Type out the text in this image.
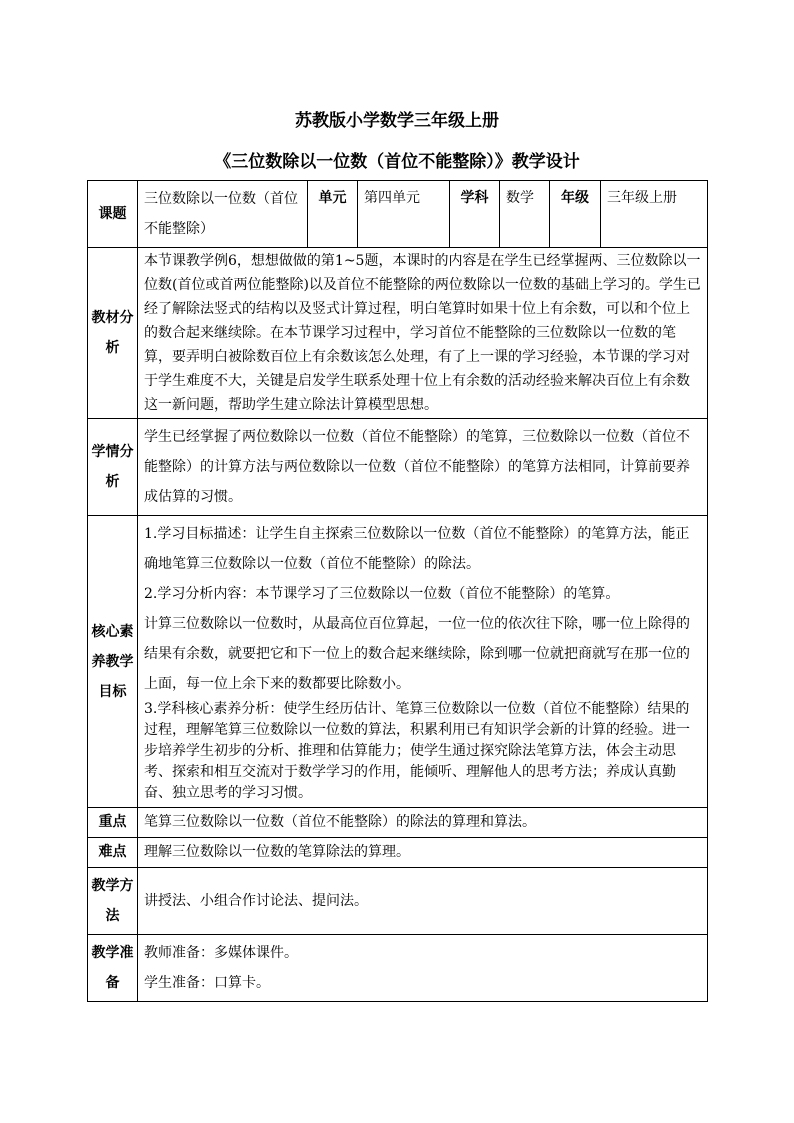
苏教版小学数学三年级上册
《三位数除以一位数（首位不能整除）》教学设计
课题	三位数除以一位数（首位不能整除）	单元	第四单元	学科	数学	年级	三年级上册
教材分析	本节课教学例6，想想做做的第1~5题，本课时的内容是在学生已经掌握两、三位数除以一位数(首位或首两位能整除)以及首位不能整除的两位数除以一位数的基础上学习的。学生已经了解除法竖式的结构以及竖式计算过程，明白笔算时如果十位上有余数，可以和个位上的数合起来继续除。在本节课学习过程中，学习首位不能整除的三位数除以一位数的笔算，要弄明白被除数百位上有余数该怎么处理，有了上一课的学习经验，本节课的学习对于学生难度不大，关键是启发学生联系处理十位上有余数的活动经验来解决百位上有余数这一新问题，帮助学生建立除法计算模型思想。						
学情分析	学生已经掌握了两位数除以一位数（首位不能整除）的笔算，三位数除以一位数（首位不能整除）的计算方法与两位数除以一位数（首位不能整除）的笔算方法相同，计算前要养成估算的习惯。						
核心素养教学目标	1.学习目标描述：让学生自主探索三位数除以一位数（首位不能整除）的笔算方法，能正确地笔算三位数除以一位数（首位不能整除）的除法。

2.学习分析内容：本节课学习了三位数除以一位数（首位不能整除）的笔算。

计算三位数除以一位数时，从最高位百位算起，一位一位的依次往下除，哪一位上除得的结果有余数，就要把它和下一位上的数合起来继续除，除到哪一位就把商就写在那一位的上面，每一位上余下来的数都要比除数小。

3.学科核心素养分析：使学生经历估计、笔算三位数除以一位数（首位不能整除）结果的过程，理解笔算三位数除以一位数的算法，积累利用已有知识学会新的计算的经验。进一步培养学生初步的分析、推理和估算能力；使学生通过探究除法笔算方法，体会主动思考、探索和相互交流对于数学学习的作用，能倾听、理解他人的思考方法；养成认真勤奋、独立思考的学习习惯。						

重点	笔算三位数除以一位数（首位不能整除）的除法的算理和算法。						
难点	理解三位数除以一位数的笔算除法的算理。						
教学方法	讲授法、小组合作讨论法、提问法。						
教学准备	教师准备：多媒体课件。

学生准备：口算卡。						
